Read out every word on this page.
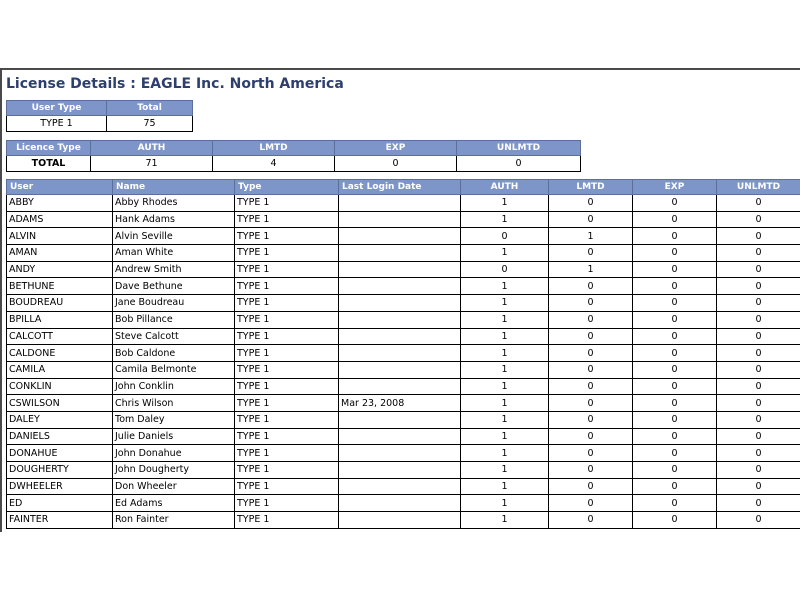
License Details : EAGLE Inc. North America
User Type	Total
TYPE 1	75
Licence Type	AUTH	LMTD	EXP	UNLMTD
TOTAL	71	4	0	0
User	Name	Type	Last Login Date	AUTH	LMTD	EXP	UNLMTD
ABBY	Abby Rhodes	TYPE 1		1	0	0	0
ADAMS	Hank Adams	TYPE 1		1	0	0	0
ALVIN	Alvin Seville	TYPE 1		0	1	0	0
AMAN	Aman White	TYPE 1		1	0	0	0
ANDY	Andrew Smith	TYPE 1		0	1	0	0
BETHUNE	Dave Bethune	TYPE 1		1	0	0	0
BOUDREAU	Jane Boudreau	TYPE 1		1	0	0	0
BPILLA	Bob Pillance	TYPE 1		1	0	0	0
CALCOTT	Steve Calcott	TYPE 1		1	0	0	0
CALDONE	Bob Caldone	TYPE 1		1	0	0	0
CAMILA	Camila Belmonte	TYPE 1		1	0	0	0
CONKLIN	John Conklin	TYPE 1		1	0	0	0
CSWILSON	Chris Wilson	TYPE 1	Mar 23, 2008	1	0	0	0
DALEY	Tom Daley	TYPE 1		1	0	0	0
DANIELS	Julie Daniels	TYPE 1		1	0	0	0
DONAHUE	John Donahue	TYPE 1		1	0	0	0
DOUGHERTY	John Dougherty	TYPE 1		1	0	0	0
DWHEELER	Don Wheeler	TYPE 1		1	0	0	0
ED	Ed Adams	TYPE 1		1	0	0	0
FAINTER	Ron Fainter	TYPE 1		1	0	0	0
